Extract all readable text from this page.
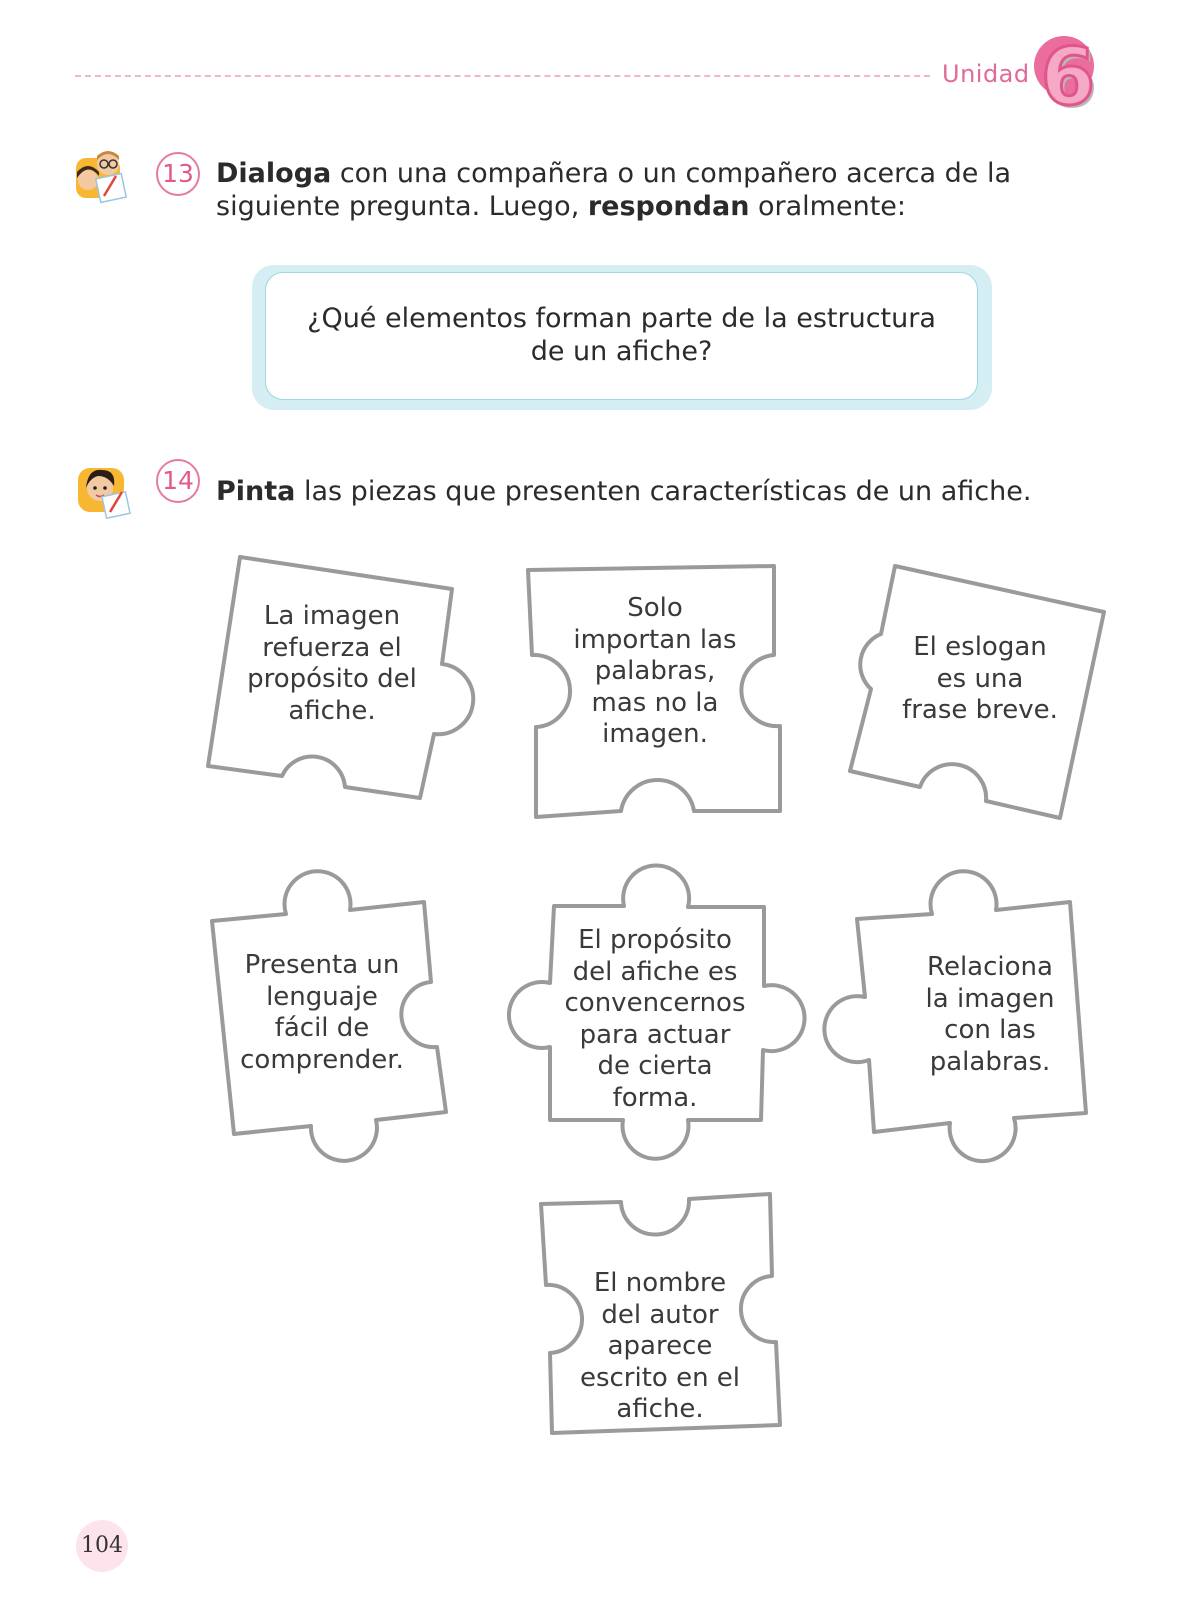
Unidad 6
13 Dialoga con una compañera o un compañero acerca de la
siguiente pregunta. Luego, respondan oralmente:
¿Qué elementos forman parte de la estructura
de un afiche?
14 Pinta las piezas que presenten características de un afiche.
La imagen
refuerza el
propósito del
afiche.
Solo
importan las
palabras,
mas no la
imagen.
El eslogan
es una
frase breve.
Presenta un
lenguaje
fácil de
comprender.
El propósito
del afiche es
convencernos
para actuar
de cierta
forma.
Relaciona
la imagen
con las
palabras.
El nombre
del autor
aparece
escrito en el
afiche.
104
